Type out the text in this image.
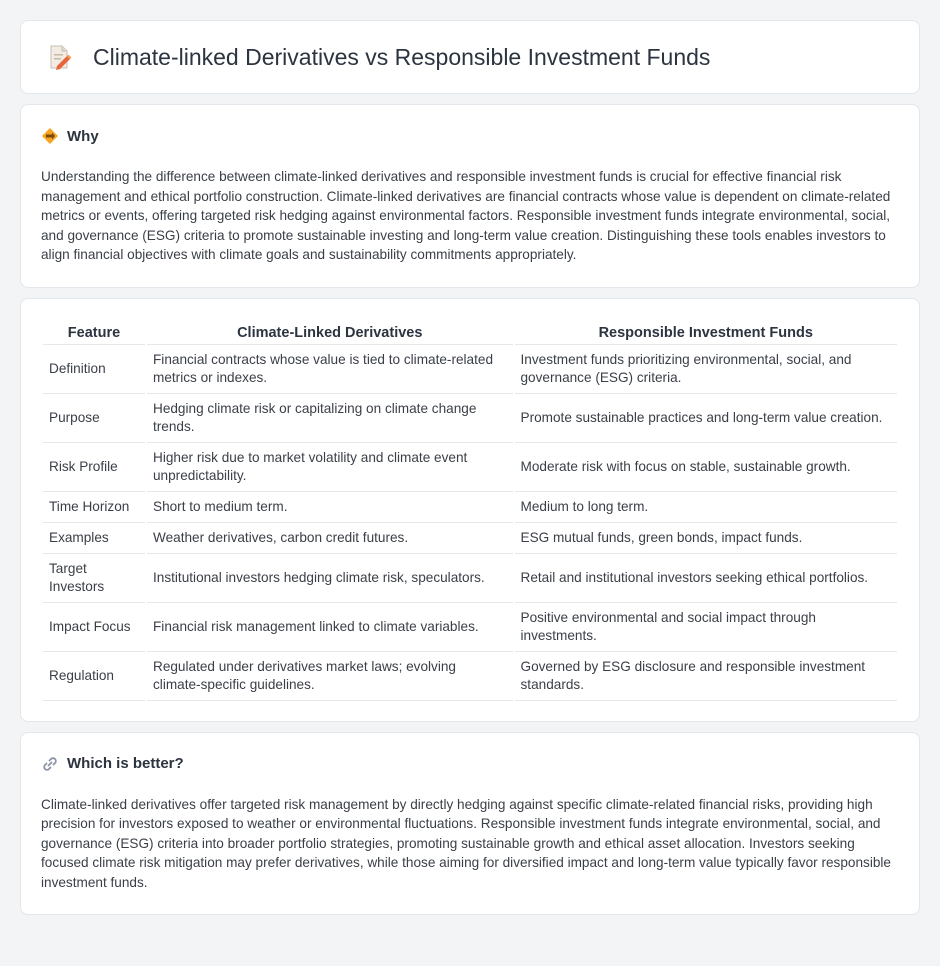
Climate-linked Derivatives vs Responsible Investment Funds
Why

Understanding the difference between climate-linked derivatives and responsible investment funds is crucial for effective financial risk management and ethical portfolio construction. Climate-linked derivatives are financial contracts whose value is dependent on climate-related metrics or events, offering targeted risk hedging against environmental factors. Responsible investment funds integrate environmental, social, and governance (ESG) criteria to promote sustainable investing and long-term value creation. Distinguishing these tools enables investors to align financial objectives with climate goals and sustainability commitments appropriately.

Feature	Climate-Linked Derivatives	Responsible Investment Funds
Definition	Financial contracts whose value is tied to climate-related metrics or indexes.	Investment funds prioritizing environmental, social, and governance (ESG) criteria.
Purpose	Hedging climate risk or capitalizing on climate change trends.	Promote sustainable practices and long-term value creation.
Risk Profile	Higher risk due to market volatility and climate event unpredictability.	Moderate risk with focus on stable, sustainable growth.
Time Horizon	Short to medium term.	Medium to long term.
Examples	Weather derivatives, carbon credit futures.	ESG mutual funds, green bonds, impact funds.
Target Investors	Institutional investors hedging climate risk, speculators.	Retail and institutional investors seeking ethical portfolios.
Impact Focus	Financial risk management linked to climate variables.	Positive environmental and social impact through investments.
Regulation	Regulated under derivatives market laws; evolving climate-specific guidelines.	Governed by ESG disclosure and responsible investment standards.
Which is better?

Climate-linked derivatives offer targeted risk management by directly hedging against specific climate-related financial risks, providing high precision for investors exposed to weather or environmental fluctuations. Responsible investment funds integrate environmental, social, and governance (ESG) criteria into broader portfolio strategies, promoting sustainable growth and ethical asset allocation. Investors seeking focused climate risk mitigation may prefer derivatives, while those aiming for diversified impact and long-term value typically favor responsible investment funds.
